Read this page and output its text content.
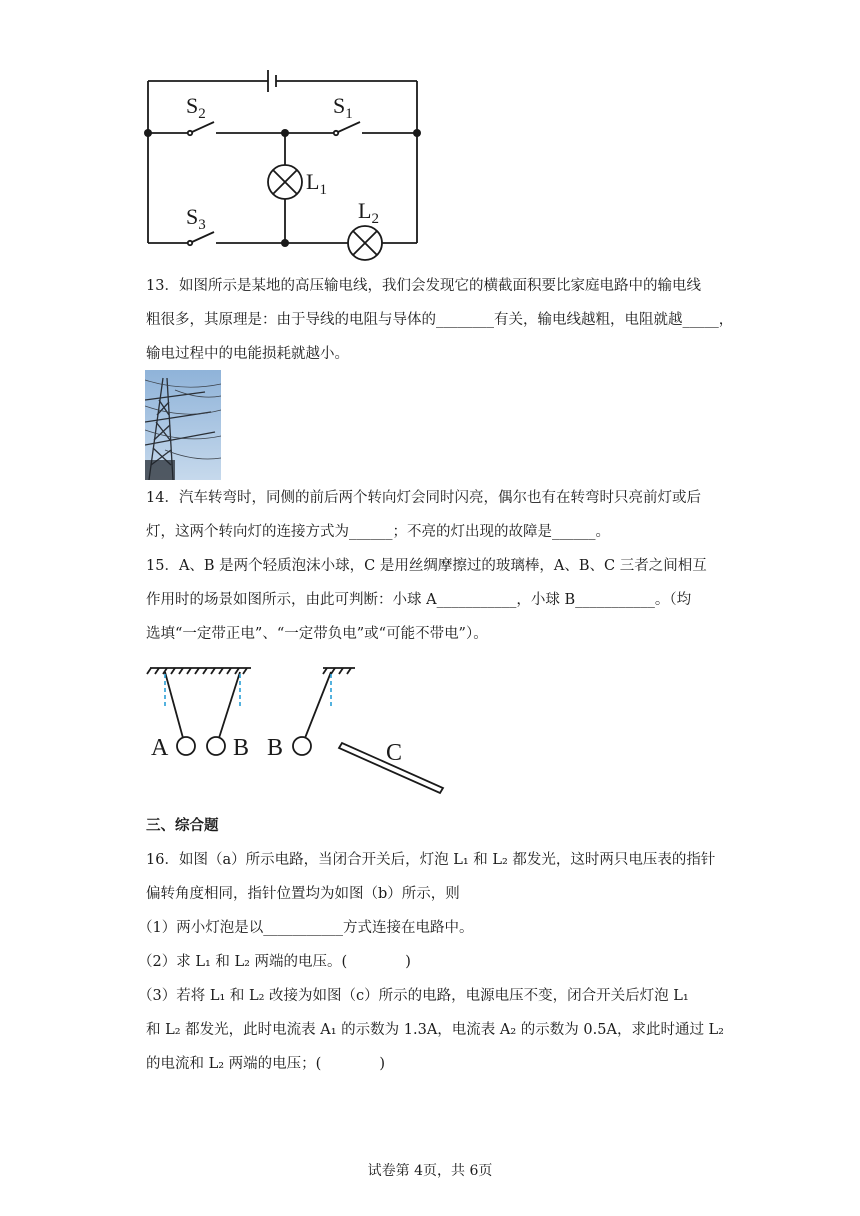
$S_2$	$S_1$
$S_3$
$L_1$
$L_2$
13．如图所示是某地的高压输电线，我们会发现它的横截面积要比家庭电路中的输电线
粗很多，其原理是：由于导线的电阻与导体的________有关，输电线越粗，电阻就越_____，
输电过程中的电能损耗就越小。
14．汽车转弯时，同侧的前后两个转向灯会同时闪亮，偶尔也有在转弯时只亮前灯或后
灯，这两个转向灯的连接方式为______；不亮的灯出现的故障是______。
15．A、B 是两个轻质泡沫小球，C 是用丝绸摩擦过的玻璃棒，A、B、C 三者之间相互
作用时的场景如图所示，由此可判断：小球 A___________，小球 B___________。（均
选填“一定带正电”、“一定带负电”或“可能不带电”）。
A	B B	C
三、综合题
16．如图（a）所示电路，当闭合开关后，灯泡 L₁ 和 L₂ 都发光，这时两只电压表的指针
偏转角度相同，指针位置均为如图（b）所示，则
（1）两小灯泡是以___________方式连接在电路中。
（2）求 L₁ 和 L₂ 两端的电压。(　　　　)
（3）若将 L₁ 和 L₂ 改接为如图（c）所示的电路，电源电压不变，闭合开关后灯泡 L₁
和 L₂ 都发光，此时电流表 A₁ 的示数为 1.3A，电流表 A₂ 的示数为 0.5A，求此时通过 L₂
的电流和 L₂ 两端的电压；(　　　　)
试卷第 4页，共 6页
